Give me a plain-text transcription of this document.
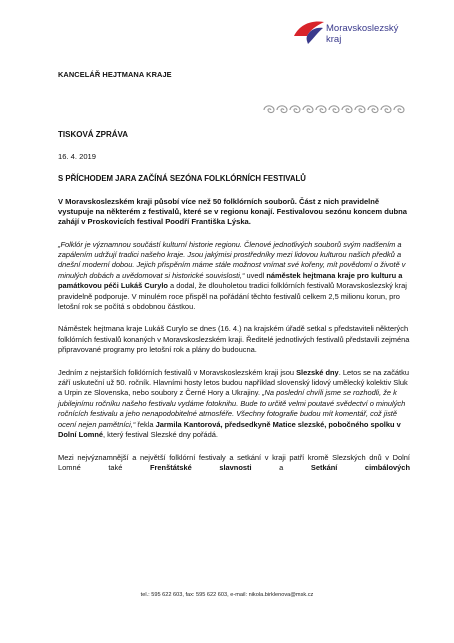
KANCELÁŘ HEJTMANA KRAJE
Moravskoslezský
kraj

TISKOVÁ ZPRÁVA

16. 4. 2019

S PŘÍCHODEM JARA ZAČÍNÁ SEZÓNA FOLKLÓRNÍCH FESTIVALŮ

V Moravskoslezském kraji působí více než 50 folklórních souborů. Část z nich pravidelně vystupuje na některém z festivalů, které se v regionu konají. Festivalovou sezónu koncem dubna zahájí v Proskovicích festival Poodří Františka Lýska.

„Folklór je významnou součástí kulturní historie regionu. Členové jednotlivých souborů svým nadšením a zapálením udržují tradici našeho kraje. Jsou jakýmisi prostředníky mezi lidovou kulturou našich předků a dnešní moderní dobou. Jejich přispěním máme stále možnost vnímat své kořeny, mít povědomí o životě v minulých dobách a uvědomovat si historické souvislosti,“ uvedl náměstek hejtmana kraje pro kulturu a památkovou péči Lukáš Curylo a dodal, že dlouholetou tradici folklórních festivalů Moravskoslezský kraj pravidelně podporuje. V minulém roce přispěl na pořádání těchto festivalů celkem 2,5 milionu korun, pro letošní rok se počítá s obdobnou částkou.

Náměstek hejtmana kraje Lukáš Curylo se dnes (16. 4.) na krajském úřadě setkal s představiteli některých folklórních festivalů konaných v Moravskoslezském kraji. Ředitelé jednotlivých festivalů představili zejména připravované programy pro letošní rok a plány do budoucna.

Jedním z nejstarších folklórních festivalů v Moravskoslezském kraji jsou Slezské dny. Letos se na začátku září uskuteční už 50. ročník. Hlavními hosty letos budou například slovenský lidový umělecký kolektiv Sluk a Urpin ze Slovenska, nebo soubory z Černé Hory a Ukrajiny. „Na poslední chvíli jsme se rozhodli, že k jubilejnímu ročníku našeho festivalu vydáme fotoknihu. Bude to určitě velmi poutavé svědectví o minulých ročnících festivalu a jeho nenapodobitelné atmosféře. Všechny fotografie budou mít komentář, což jistě ocení nejen pamětníci,“ řekla Jarmila Kantorová, předsedkyně Matice slezské, pobočného spolku v Dolní Lomné, který festival Slezské dny pořádá.

Mezi nejvýznamnější a největší folklórní festivaly a setkání v kraji patří kromě Slezských dnů v Dolní Lomné také Frenštátské slavnosti a Setkání cimbálových

tel.: 595 622 603, fax: 595 622 603, e-mail: nikola.birklenova@msk.cz
